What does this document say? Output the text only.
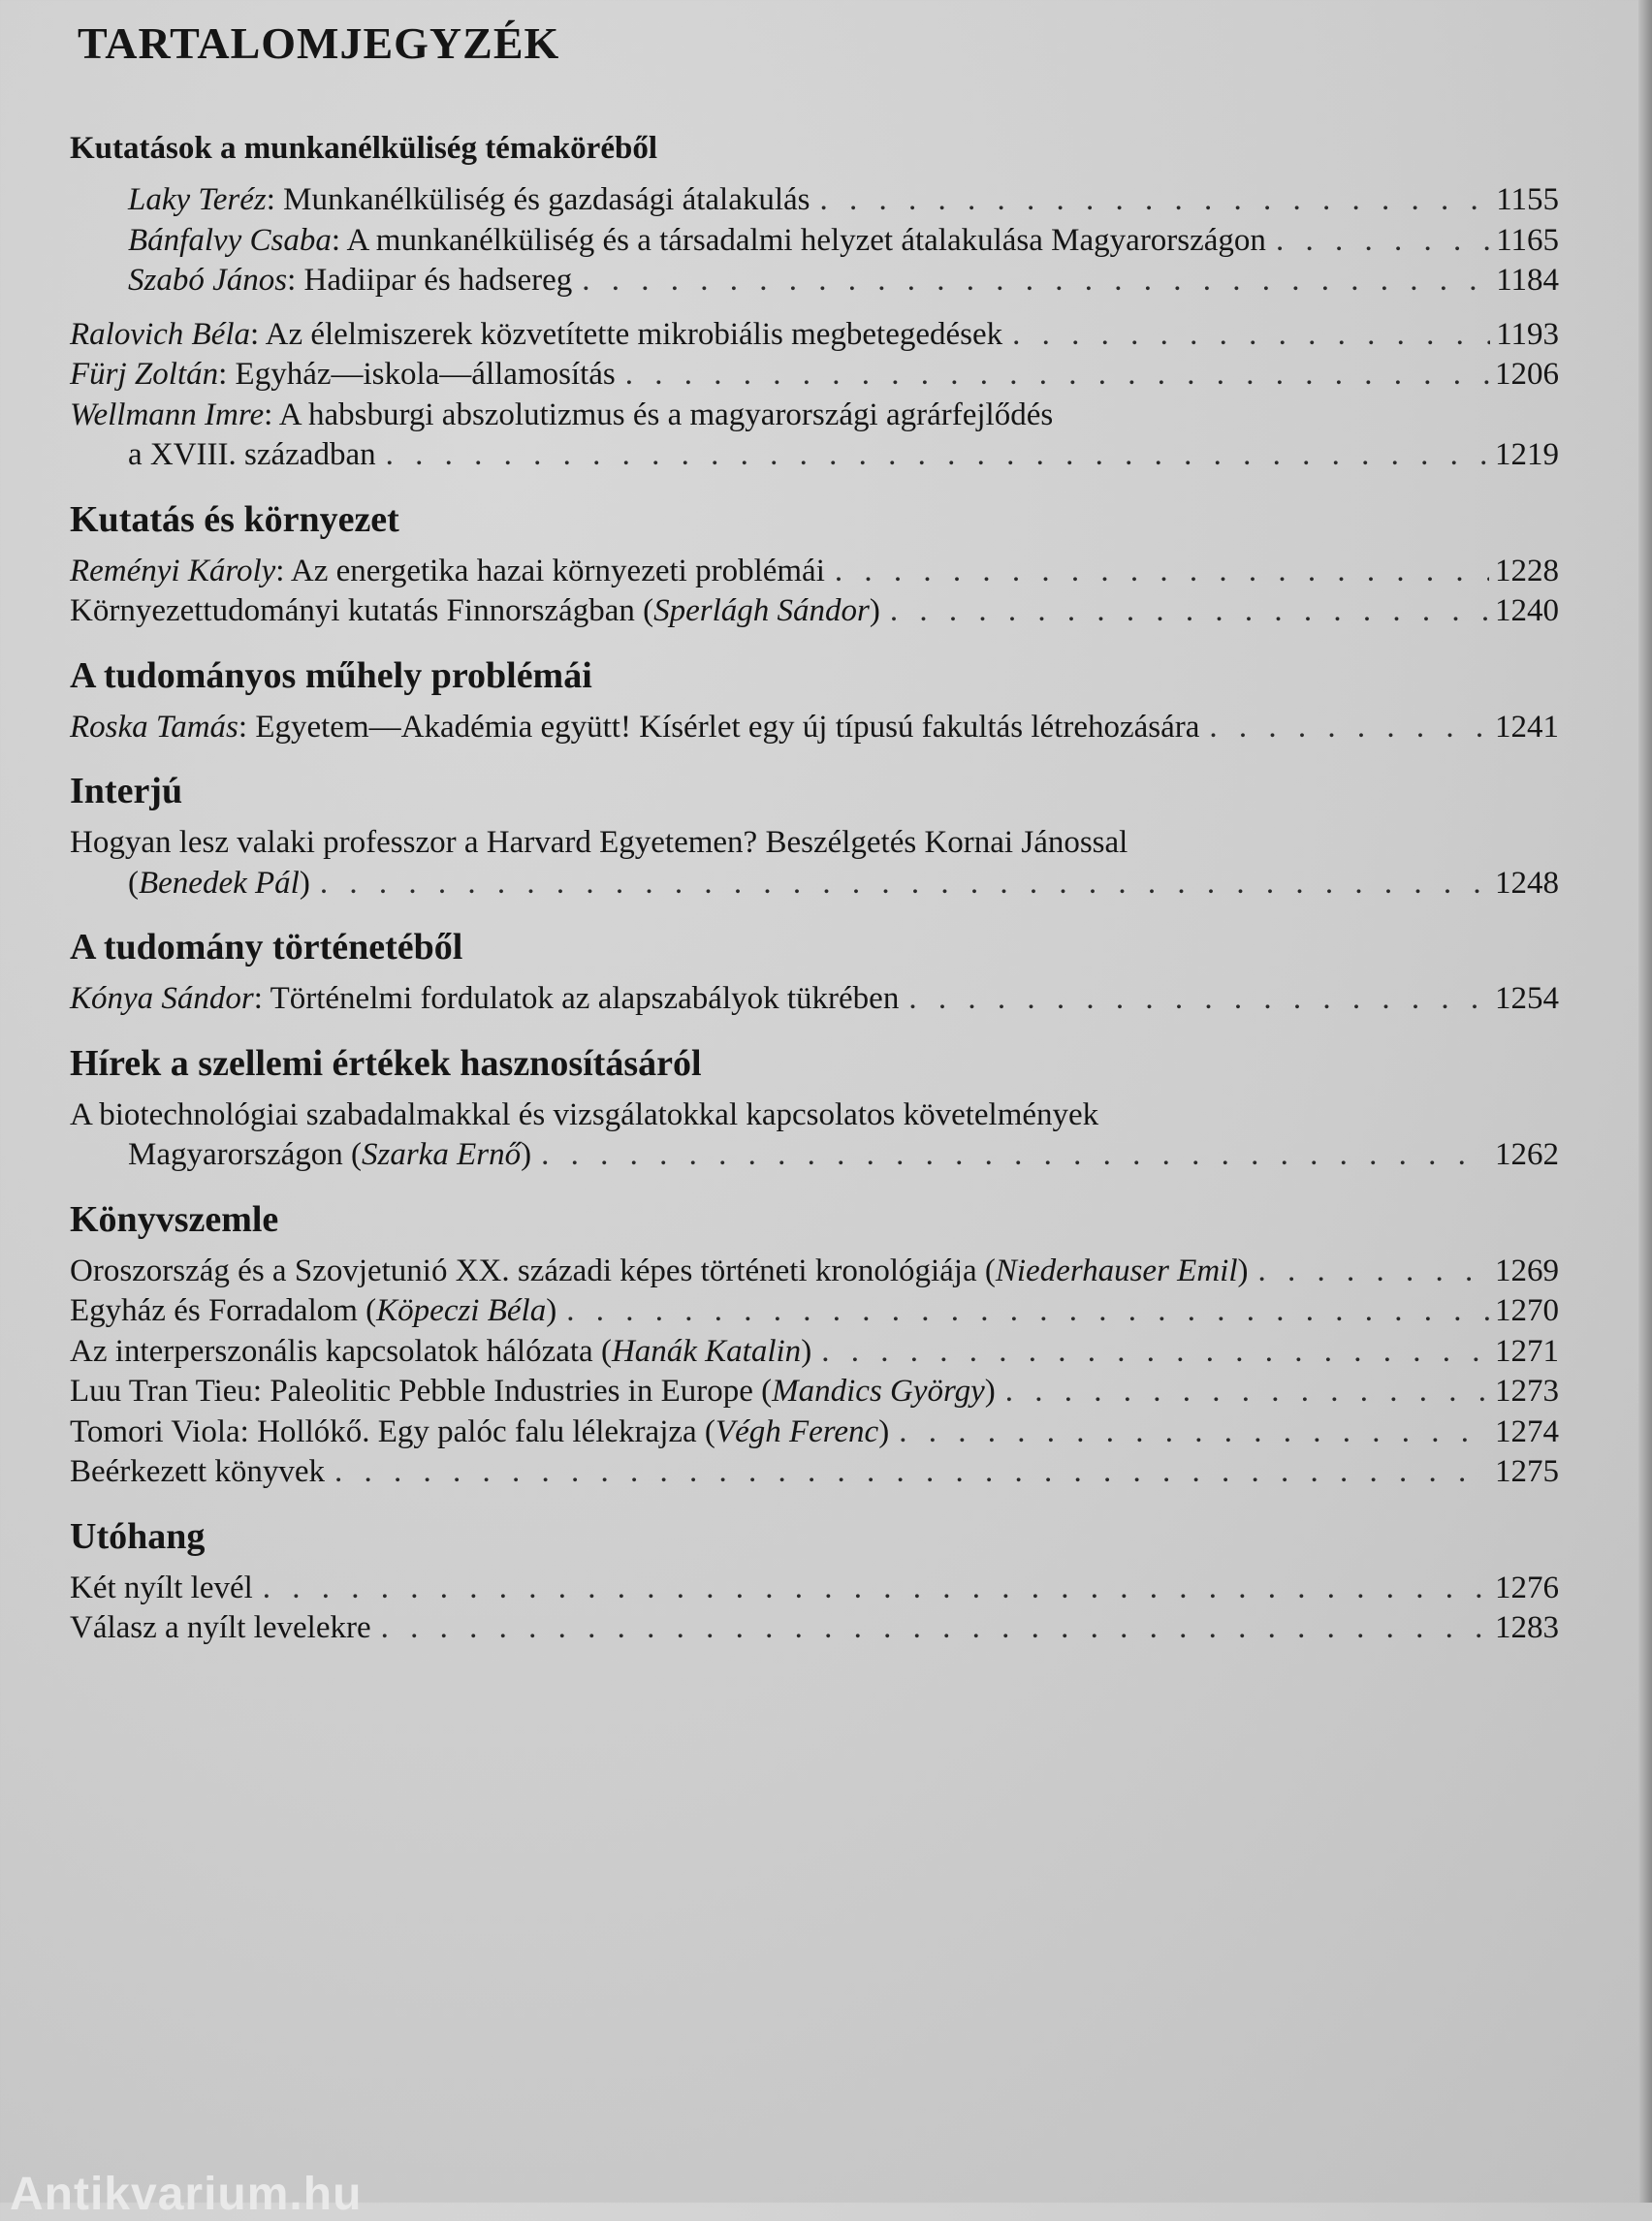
TARTALOMJEGYZÉK
Kutatások a munkanélküliség témaköréből
Laky Teréz: Munkanélküliség és gazdasági átalakulás . . .	1155
Bánfalvy Csaba: A munkanélküliség és a társadalmi helyzet átalakulása Magyarországon . . .	1165
Szabó János: Hadiipar és hadsereg . . .	1184
Ralovich Béla: Az élelmiszerek közvetítette mikrobiális megbetegedések . . .	1193
Fürj Zoltán: Egyház—iskola—államosítás . . .	1206
Wellmann Imre: A habsburgi abszolutizmus és a magyarországi agrárfejlődés
a XVIII. században . . .	1219
Kutatás és környezet
Reményi Károly: Az energetika hazai környezeti problémái . . .	1228
Környezettudományi kutatás Finnországban (Sperlágh Sándor) . . .	1240
A tudományos műhely problémái
Roska Tamás: Egyetem—Akadémia együtt! Kísérlet egy új típusú fakultás létrehozására . . .	1241
Interjú
Hogyan lesz valaki professzor a Harvard Egyetemen? Beszélgetés Kornai Jánossal
(Benedek Pál) . . .	1248
A tudomány történetéből
Kónya Sándor: Történelmi fordulatok az alapszabályok tükrében . . .	1254
Hírek a szellemi értékek hasznosításáról
A biotechnológiai szabadalmakkal és vizsgálatokkal kapcsolatos követelmények
Magyarországon (Szarka Ernő) . . .	1262
Könyvszemle
Oroszország és a Szovjetunió XX. századi képes történeti kronológiája (Niederhauser Emil) . . .	1269
Egyház és Forradalom (Köpeczi Béla) . . .	1270
Az interperszonális kapcsolatok hálózata (Hanák Katalin) . . .	1271
Luu Tran Tieu: Paleolitic Pebble Industries in Europe (Mandics György) . . .	1273
Tomori Viola: Hollókő. Egy palóc falu lélekrajza (Végh Ferenc) . . .	1274
Beérkezett könyvek . . .	1275
Utóhang
Két nyílt levél . . .	1276
Válasz a nyílt levelekre . . .	1283
Antikvarium.hu
